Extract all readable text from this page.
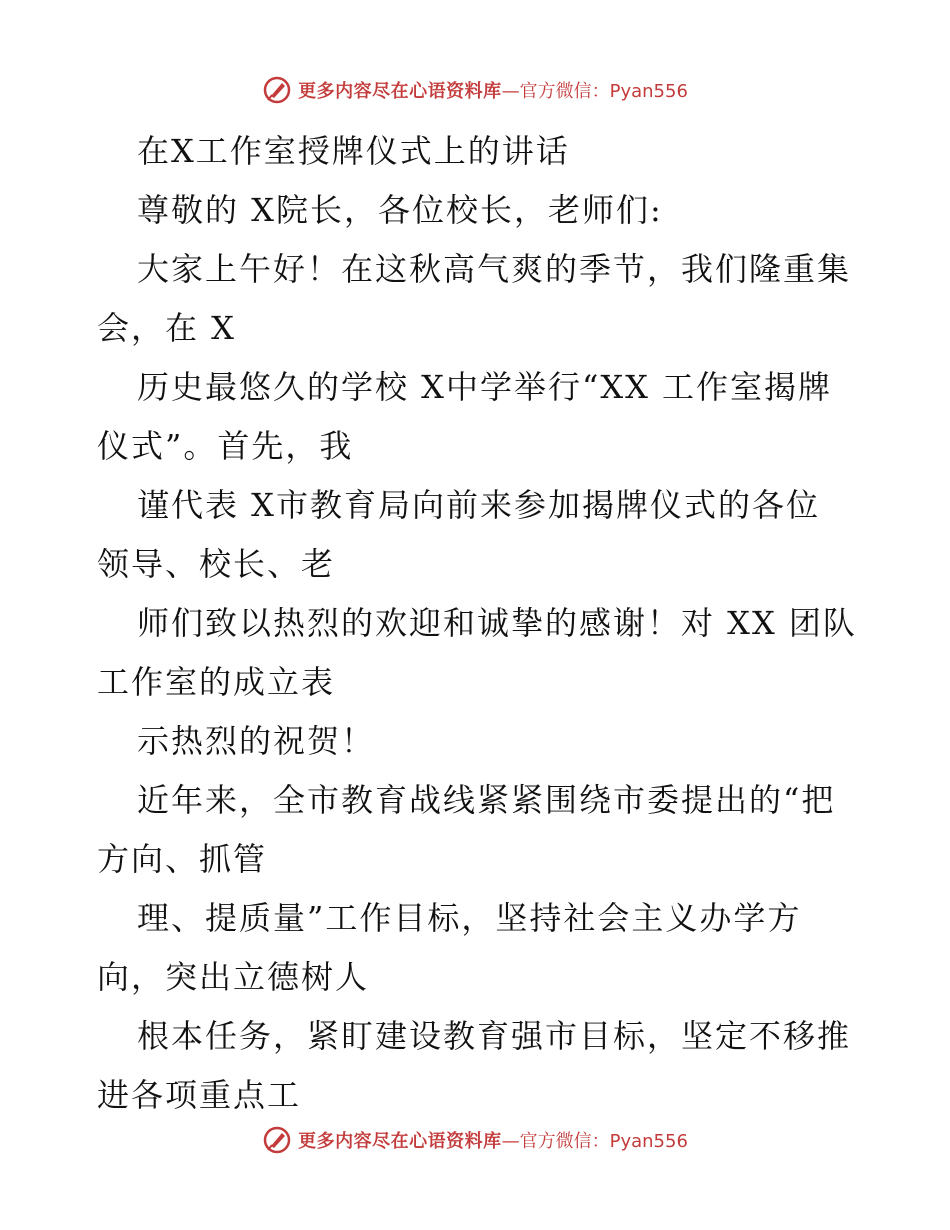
更多内容尽在心语资料库 —官方微信：Pyan556
在X工作室授牌仪式上的讲话
尊敬的 X院长，各位校长，老师们:
大家上午好！在这秋高气爽的季节，我们隆重集
会，在 X
历史最悠久的学校 X中学举行“XX 工作室揭牌
仪式”。首先，我
谨代表 X市教育局向前来参加揭牌仪式的各位
领导、校长、老
师们致以热烈的欢迎和诚挚的感谢！对 XX 团队
工作室的成立表
示热烈的祝贺！
近年来，全市教育战线紧紧围绕市委提出的“把
方向、抓管
理、提质量”工作目标，坚持社会主义办学方
向，突出立德树人
根本任务，紧盯建设教育强市目标，坚定不移推
进各项重点工
更多内容尽在心语资料库 —官方微信：Pyan556
